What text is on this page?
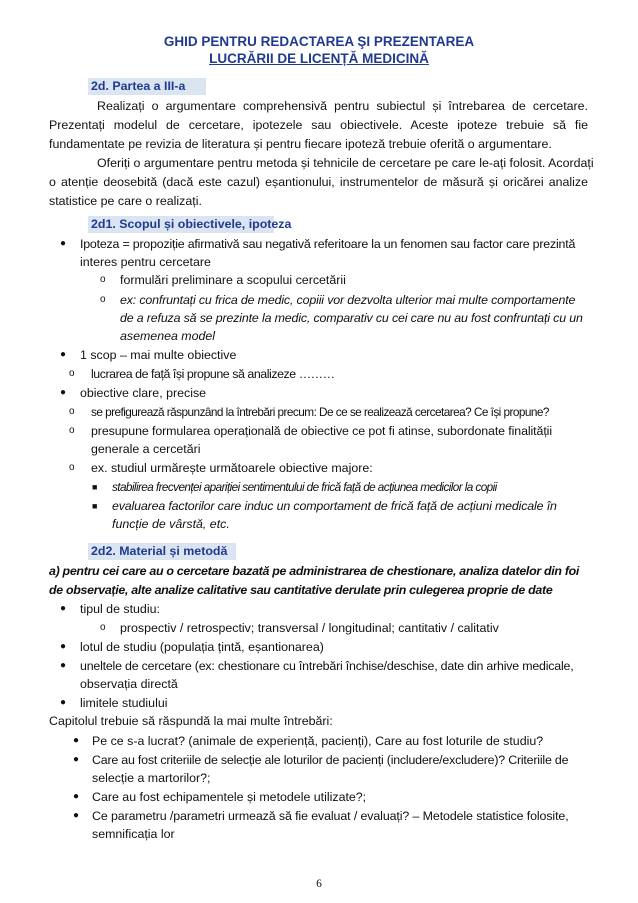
GHID PENTRU REDACTAREA ŞI PREZENTAREA
LUCRĂRII DE LICENȚĂ MEDICINĂ
2d. Partea a III-a
Realizați o argumentare comprehensivă pentru subiectul și întrebarea de cercetare.
Prezentați modelul de cercetare, ipotezele sau obiectivele. Aceste ipoteze trebuie să fie
fundamentate pe revizia de literatura și pentru fiecare ipoteză trebuie oferită o argumentare.
Oferiți o argumentare pentru metoda și tehnicile de cercetare pe care le-ați folosit. Acordați
o atenție deosebită (dacă este cazul) eșantionului, instrumentelor de măsură și oricărei analize
statistice pe care o realizați.
2d1. Scopul și obiectivele, ipoteza
● Ipoteza = propoziție afirmativă sau negativă referitoare la un fenomen sau factor care prezintă
interes pentru cercetare
o formulări preliminare a scopului cercetării
o ex: confruntați cu frica de medic, copiii vor dezvolta ulterior mai multe comportamente
de a refuza să se prezinte la medic, comparativ cu cei care nu au fost confruntați cu un
asemenea model
● 1 scop – mai multe obiective
o lucrarea de față își propune să analizeze ………
● obiective clare, precise
o se prefigurează răspunzând la întrebări precum: De ce se realizează cercetarea? Ce își propune?
o presupune formularea operațională de obiective ce pot fi atinse, subordonate finalității
generale a cercetări
o ex. studiul urmărește următoarele obiective majore:
■ stabilirea frecvenței apariției sentimentului de frică față de acțiunea medicilor la copii
■ evaluarea factorilor care induc un comportament de frică față de acțiuni medicale în
funcție de vârstă, etc.
2d2. Material și metodă
a) pentru cei care au o cercetare bazată pe administrarea de chestionare, analiza datelor din foi
de observație, alte analize calitative sau cantitative derulate prin culegerea proprie de date
● tipul de studiu:
o prospectiv / retrospectiv; transversal / longitudinal; cantitativ / calitativ
● lotul de studiu (populația țintă, eșantionarea)
● uneltele de cercetare (ex: chestionare cu întrebări închise/deschise, date din arhive medicale,
observația directă
● limitele studiului
Capitolul trebuie să răspundă la mai multe întrebări:
● Pe ce s-a lucrat? (animale de experiență, pacienți), Care au fost loturile de studiu?
● Care au fost criteriile de selecție ale loturilor de pacienți (includere/excludere)? Criteriile de
selecție a martorilor?;
● Care au fost echipamentele și metodele utilizate?;
● Ce parametru /parametri urmează să fie evaluat / evaluați? – Metodele statistice folosite,
semnificația lor
6
